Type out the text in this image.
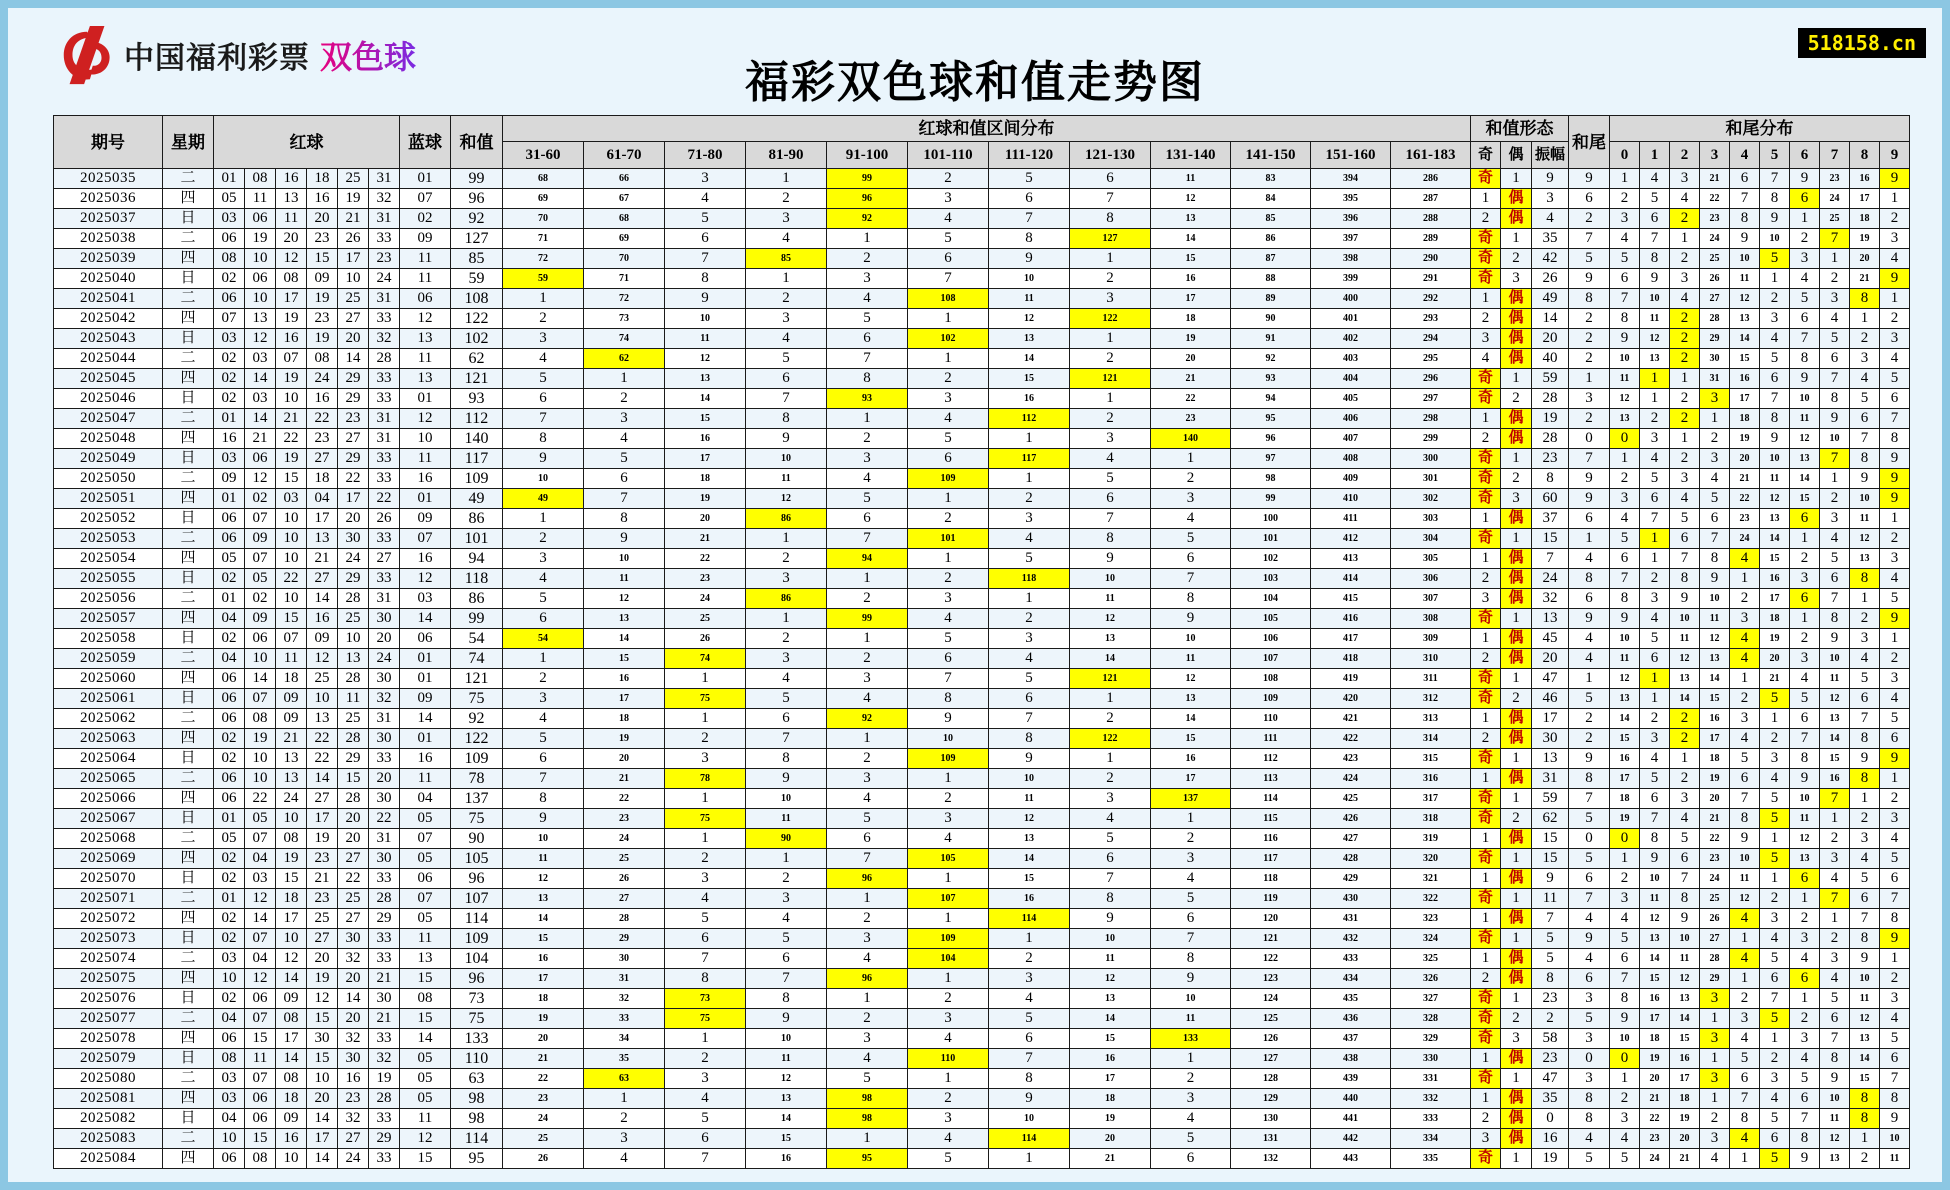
中国福利彩票 双色球
福彩双色球和值走势图
518158.cn
期号	星期	红球						蓝球	和值	红球和值区间分布												和值形态			和尾	和尾分布									
										31-60	61-70	71-80	81-90	91-100	101-110	111-120	121-130	131-140	141-150	151-160	161-183	奇	偶	振幅		0	1	2	3	4	5	6	7	8	9
2025035	二	01	08	16	18	25	31	01	99	68	66	3	1	99	2	5	6	11	83	394	286	奇	1	9	9	1	4	3	21	6	7	9	23	16	9
2025036	四	05	11	13	16	19	32	07	96	69	67	4	2	96	3	6	7	12	84	395	287	1	偶	3	6	2	5	4	22	7	8	6	24	17	1
2025037	日	03	06	11	20	21	31	02	92	70	68	5	3	92	4	7	8	13	85	396	288	2	偶	4	2	3	6	2	23	8	9	1	25	18	2
2025038	二	06	19	20	23	26	33	09	127	71	69	6	4	1	5	8	127	14	86	397	289	奇	1	35	7	4	7	1	24	9	10	2	7	19	3
2025039	四	08	10	12	15	17	23	11	85	72	70	7	85	2	6	9	1	15	87	398	290	奇	2	42	5	5	8	2	25	10	5	3	1	20	4
2025040	日	02	06	08	09	10	24	11	59	59	71	8	1	3	7	10	2	16	88	399	291	奇	3	26	9	6	9	3	26	11	1	4	2	21	9
2025041	二	06	10	17	19	25	31	06	108	1	72	9	2	4	108	11	3	17	89	400	292	1	偶	49	8	7	10	4	27	12	2	5	3	8	1
2025042	四	07	13	19	23	27	33	12	122	2	73	10	3	5	1	12	122	18	90	401	293	2	偶	14	2	8	11	2	28	13	3	6	4	1	2
2025043	日	03	12	16	19	20	32	13	102	3	74	11	4	6	102	13	1	19	91	402	294	3	偶	20	2	9	12	2	29	14	4	7	5	2	3
2025044	二	02	03	07	08	14	28	11	62	4	62	12	5	7	1	14	2	20	92	403	295	4	偶	40	2	10	13	2	30	15	5	8	6	3	4
2025045	四	02	14	19	24	29	33	13	121	5	1	13	6	8	2	15	121	21	93	404	296	奇	1	59	1	11	1	1	31	16	6	9	7	4	5
2025046	日	02	03	10	16	29	33	01	93	6	2	14	7	93	3	16	1	22	94	405	297	奇	2	28	3	12	1	2	3	17	7	10	8	5	6
2025047	二	01	14	21	22	23	31	12	112	7	3	15	8	1	4	112	2	23	95	406	298	1	偶	19	2	13	2	2	1	18	8	11	9	6	7
2025048	四	16	21	22	23	27	31	10	140	8	4	16	9	2	5	1	3	140	96	407	299	2	偶	28	0	0	3	1	2	19	9	12	10	7	8
2025049	日	03	06	19	27	29	33	11	117	9	5	17	10	3	6	117	4	1	97	408	300	奇	1	23	7	1	4	2	3	20	10	13	7	8	9
2025050	二	09	12	15	18	22	33	16	109	10	6	18	11	4	109	1	5	2	98	409	301	奇	2	8	9	2	5	3	4	21	11	14	1	9	9
2025051	四	01	02	03	04	17	22	01	49	49	7	19	12	5	1	2	6	3	99	410	302	奇	3	60	9	3	6	4	5	22	12	15	2	10	9
2025052	日	06	07	10	17	20	26	09	86	1	8	20	86	6	2	3	7	4	100	411	303	1	偶	37	6	4	7	5	6	23	13	6	3	11	1
2025053	二	06	09	10	13	30	33	07	101	2	9	21	1	7	101	4	8	5	101	412	304	奇	1	15	1	5	1	6	7	24	14	1	4	12	2
2025054	四	05	07	10	21	24	27	16	94	3	10	22	2	94	1	5	9	6	102	413	305	1	偶	7	4	6	1	7	8	4	15	2	5	13	3
2025055	日	02	05	22	27	29	33	12	118	4	11	23	3	1	2	118	10	7	103	414	306	2	偶	24	8	7	2	8	9	1	16	3	6	8	4
2025056	二	01	02	10	14	28	31	03	86	5	12	24	86	2	3	1	11	8	104	415	307	3	偶	32	6	8	3	9	10	2	17	6	7	1	5
2025057	四	04	09	15	16	25	30	14	99	6	13	25	1	99	4	2	12	9	105	416	308	奇	1	13	9	9	4	10	11	3	18	1	8	2	9
2025058	日	02	06	07	09	10	20	06	54	54	14	26	2	1	5	3	13	10	106	417	309	1	偶	45	4	10	5	11	12	4	19	2	9	3	1
2025059	二	04	10	11	12	13	24	01	74	1	15	74	3	2	6	4	14	11	107	418	310	2	偶	20	4	11	6	12	13	4	20	3	10	4	2
2025060	四	06	14	18	25	28	30	01	121	2	16	1	4	3	7	5	121	12	108	419	311	奇	1	47	1	12	1	13	14	1	21	4	11	5	3
2025061	日	06	07	09	10	11	32	09	75	3	17	75	5	4	8	6	1	13	109	420	312	奇	2	46	5	13	1	14	15	2	5	5	12	6	4
2025062	二	06	08	09	13	25	31	14	92	4	18	1	6	92	9	7	2	14	110	421	313	1	偶	17	2	14	2	2	16	3	1	6	13	7	5
2025063	四	02	19	21	22	28	30	01	122	5	19	2	7	1	10	8	122	15	111	422	314	2	偶	30	2	15	3	2	17	4	2	7	14	8	6
2025064	日	02	10	13	22	29	33	16	109	6	20	3	8	2	109	9	1	16	112	423	315	奇	1	13	9	16	4	1	18	5	3	8	15	9	9
2025065	二	06	10	13	14	15	20	11	78	7	21	78	9	3	1	10	2	17	113	424	316	1	偶	31	8	17	5	2	19	6	4	9	16	8	1
2025066	四	06	22	24	27	28	30	04	137	8	22	1	10	4	2	11	3	137	114	425	317	奇	1	59	7	18	6	3	20	7	5	10	7	1	2
2025067	日	01	05	10	17	20	22	05	75	9	23	75	11	5	3	12	4	1	115	426	318	奇	2	62	5	19	7	4	21	8	5	11	1	2	3
2025068	二	05	07	08	19	20	31	07	90	10	24	1	90	6	4	13	5	2	116	427	319	1	偶	15	0	0	8	5	22	9	1	12	2	3	4
2025069	四	02	04	19	23	27	30	05	105	11	25	2	1	7	105	14	6	3	117	428	320	奇	1	15	5	1	9	6	23	10	5	13	3	4	5
2025070	日	02	03	15	21	22	33	06	96	12	26	3	2	96	1	15	7	4	118	429	321	1	偶	9	6	2	10	7	24	11	1	6	4	5	6
2025071	二	01	12	18	23	25	28	07	107	13	27	4	3	1	107	16	8	5	119	430	322	奇	1	11	7	3	11	8	25	12	2	1	7	6	7
2025072	四	02	14	17	25	27	29	05	114	14	28	5	4	2	1	114	9	6	120	431	323	1	偶	7	4	4	12	9	26	4	3	2	1	7	8
2025073	日	02	07	10	27	30	33	11	109	15	29	6	5	3	109	1	10	7	121	432	324	奇	1	5	9	5	13	10	27	1	4	3	2	8	9
2025074	二	03	04	12	20	32	33	13	104	16	30	7	6	4	104	2	11	8	122	433	325	1	偶	5	4	6	14	11	28	4	5	4	3	9	1
2025075	四	10	12	14	19	20	21	15	96	17	31	8	7	96	1	3	12	9	123	434	326	2	偶	8	6	7	15	12	29	1	6	6	4	10	2
2025076	日	02	06	09	12	14	30	08	73	18	32	73	8	1	2	4	13	10	124	435	327	奇	1	23	3	8	16	13	3	2	7	1	5	11	3
2025077	二	04	07	08	15	20	21	15	75	19	33	75	9	2	3	5	14	11	125	436	328	奇	2	2	5	9	17	14	1	3	5	2	6	12	4
2025078	四	06	15	17	30	32	33	14	133	20	34	1	10	3	4	6	15	133	126	437	329	奇	3	58	3	10	18	15	3	4	1	3	7	13	5
2025079	日	08	11	14	15	30	32	05	110	21	35	2	11	4	110	7	16	1	127	438	330	1	偶	23	0	0	19	16	1	5	2	4	8	14	6
2025080	二	03	07	08	10	16	19	05	63	22	63	3	12	5	1	8	17	2	128	439	331	奇	1	47	3	1	20	17	3	6	3	5	9	15	7
2025081	四	03	06	18	20	23	28	05	98	23	1	4	13	98	2	9	18	3	129	440	332	1	偶	35	8	2	21	18	1	7	4	6	10	8	8
2025082	日	04	06	09	14	32	33	11	98	24	2	5	14	98	3	10	19	4	130	441	333	2	偶	0	8	3	22	19	2	8	5	7	11	8	9
2025083	二	10	15	16	17	27	29	12	114	25	3	6	15	1	4	114	20	5	131	442	334	3	偶	16	4	4	23	20	3	4	6	8	12	1	10
2025084	四	06	08	10	14	24	33	15	95	26	4	7	16	95	5	1	21	6	132	443	335	奇	1	19	5	5	24	21	4	1	5	9	13	2	11
